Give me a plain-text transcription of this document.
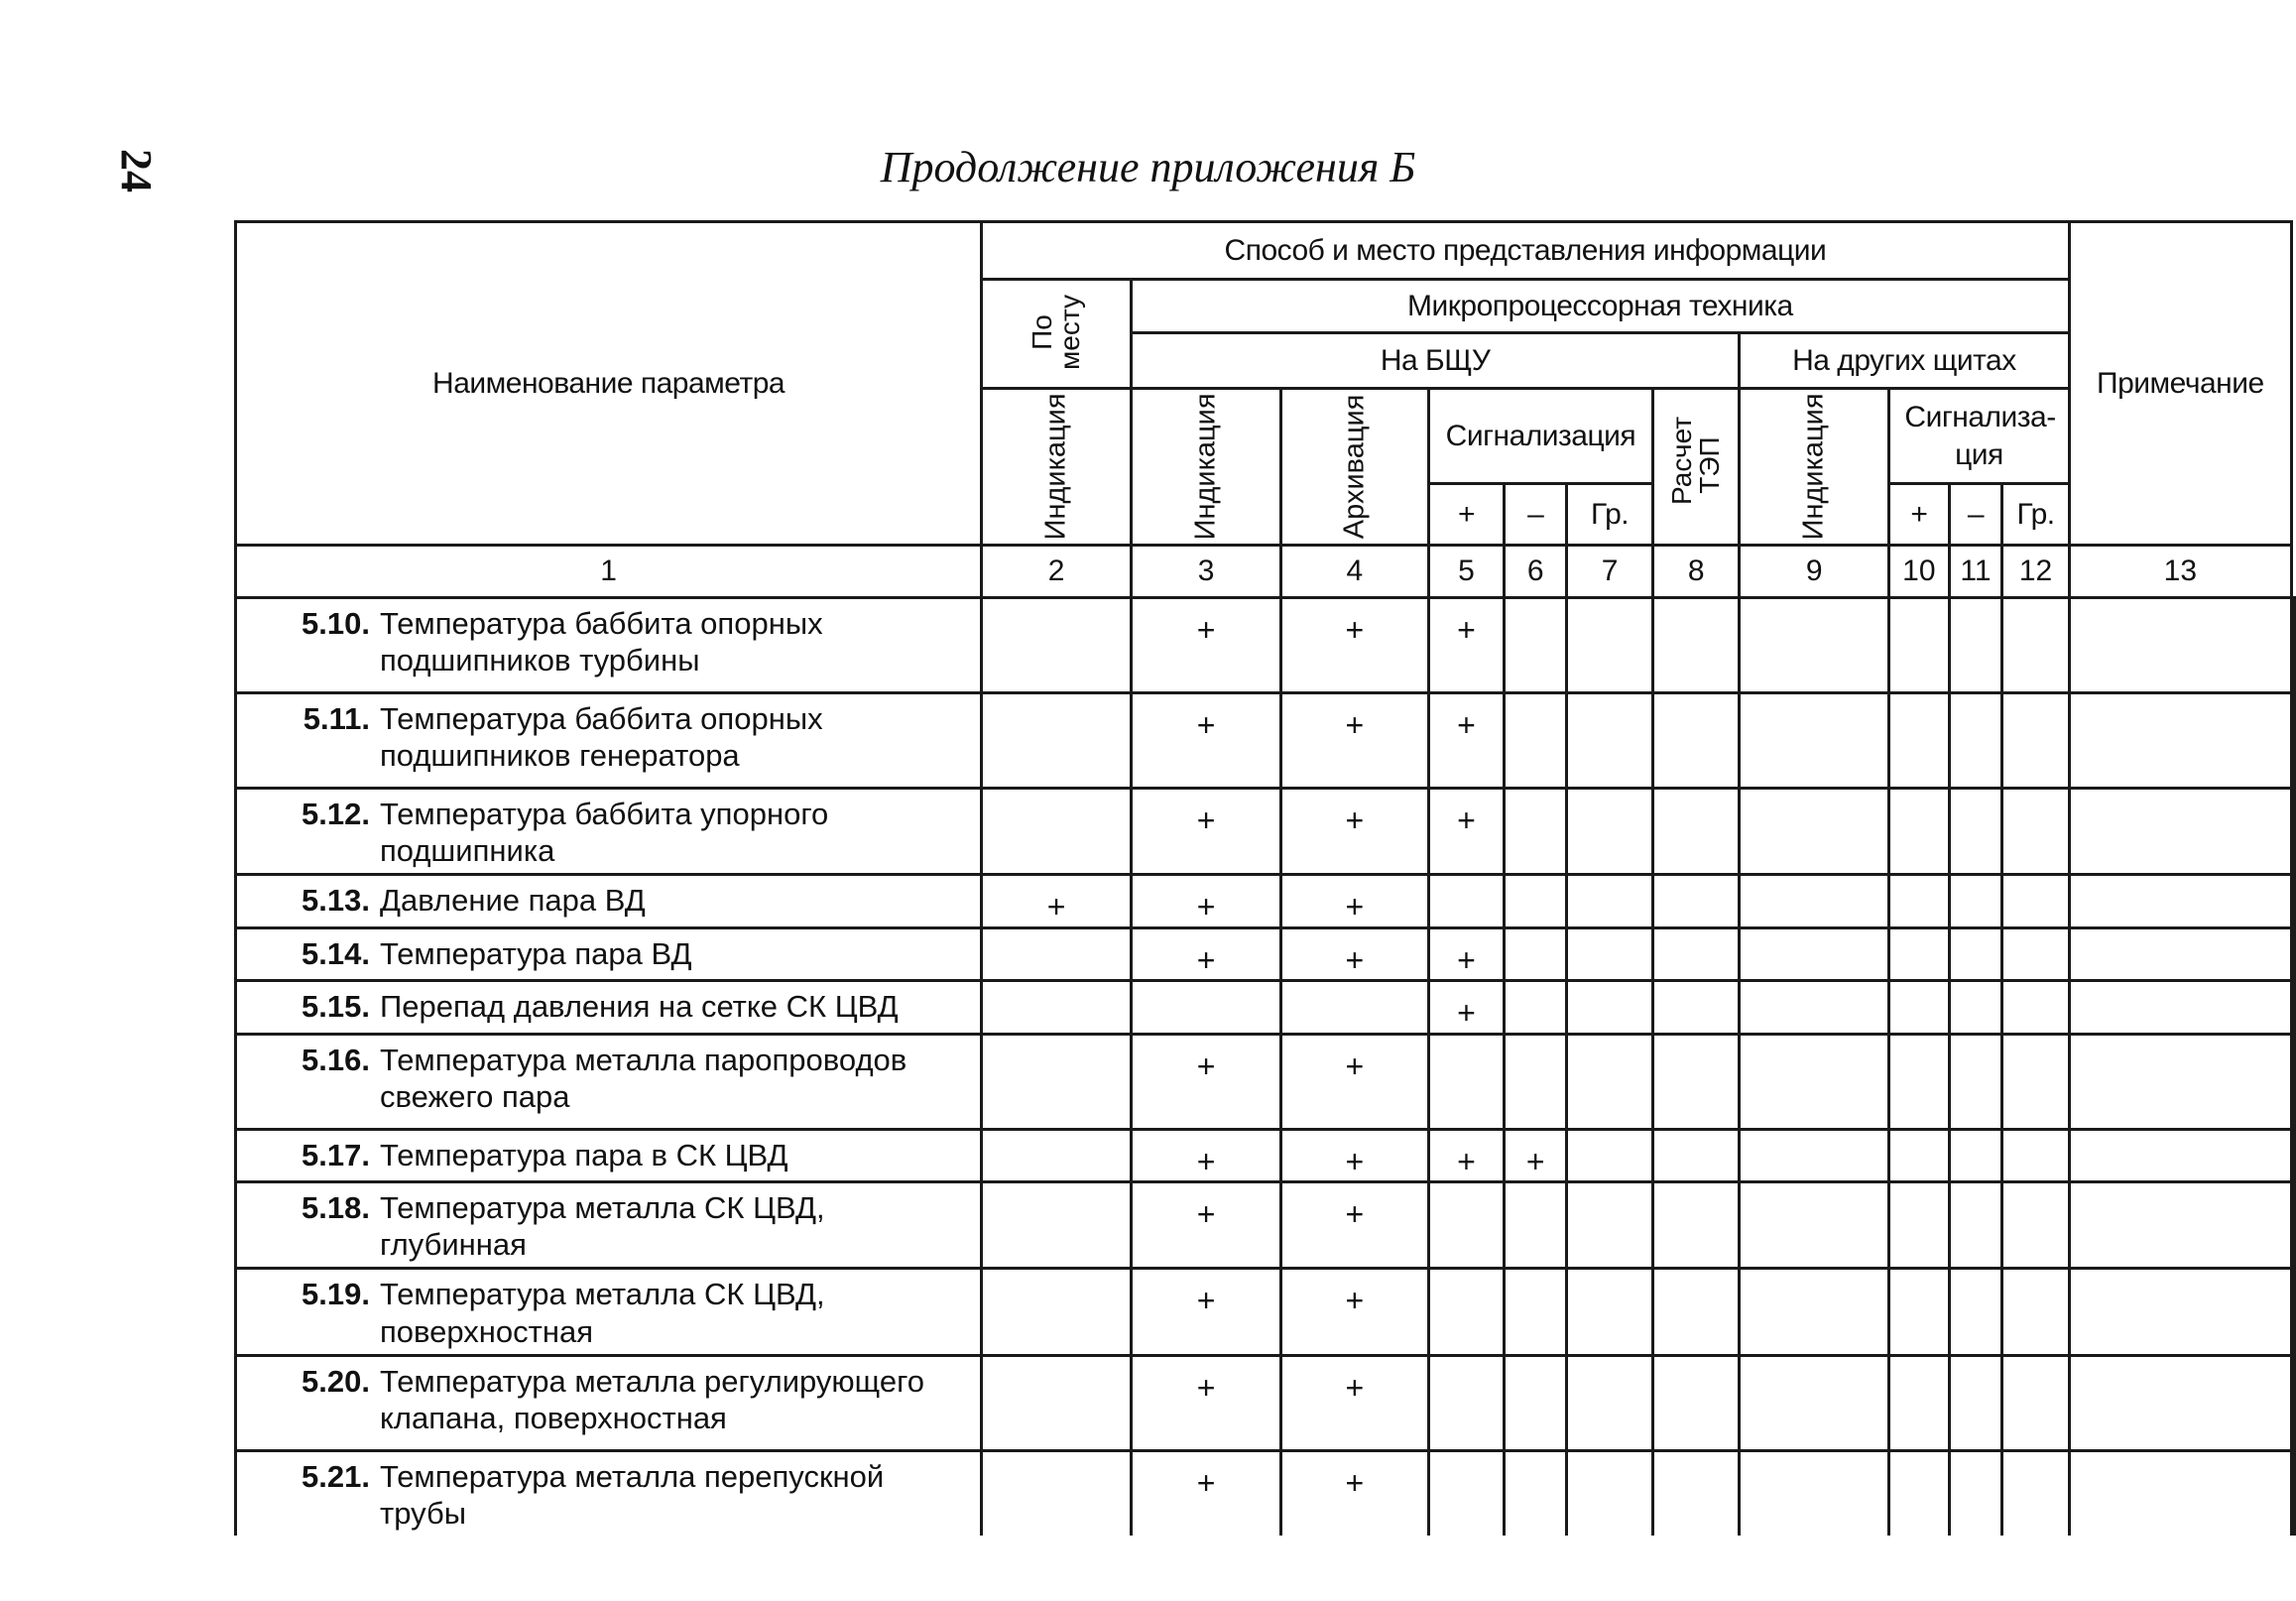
24	Продолжение приложения Б
Наименование параметра	Способ и место представления информации											Примечание	

	По месту	Микропроцессорная техника											
		На БЩУ						На других щитах					

	Индикация	Индикация	Архивация	Сигнализация			Расчет ТЭП	Индикация	Сигнализа-ция				
				+	–	Гр.			+	–	Гр.		

1	2	3	4	5	6	7	8	9	10	11	12	13	

5.10. Температура баббита опорных подшипников турбины		+	+	+									

5.11. Температура баббита опорных подшипников генератора		+	+	+									

5.12. Температура баббита упорного подшипника		+	+	+									

5.13. Давление пара ВД	+	+	+										

5.14. Температура пара ВД		+	+	+									

5.15. Перепад давления на сетке СК ЦВД				+									

5.16. Температура металла паропроводов свежего пара		+	+										

5.17. Температура пара в СК ЦВД		+	+	+	+								

5.18. Температура металла СК ЦВД, глубинная		+	+										

5.19. Температура металла СК ЦВД, поверхностная		+	+										

5.20. Температура металла регулирующего клапана, поверхностная		+	+										

5.21. Температура металла перепускной трубы		+	+										
